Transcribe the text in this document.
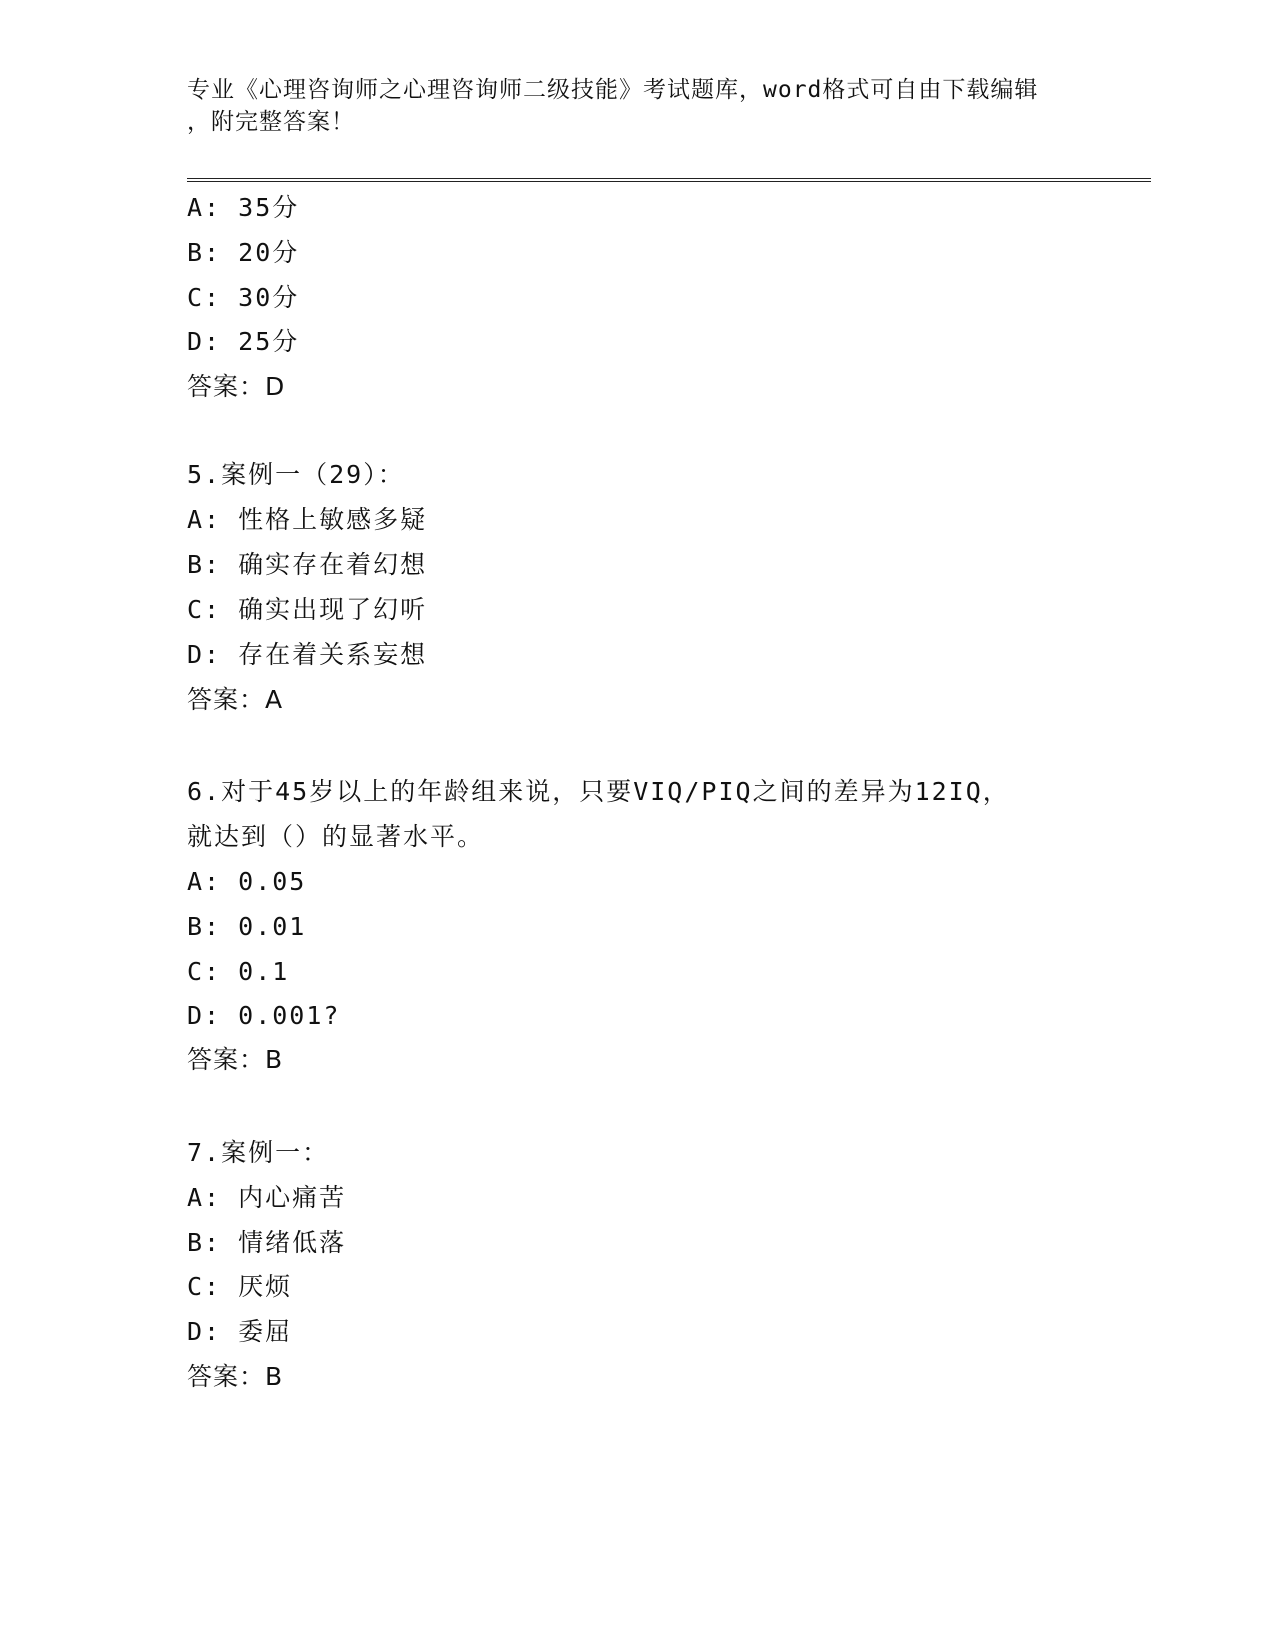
专业《心理咨询师之心理咨询师二级技能》考试题库，word格式可自由下载编辑
，附完整答案！
A: 35分
B: 20分
C: 30分
D: 25分
答案：D
5.案例一（29）：
A: 性格上敏感多疑
B: 确实存在着幻想
C: 确实出现了幻听
D: 存在着关系妄想
答案：A
6.对于45岁以上的年龄组来说，只要VIQ/PIQ之间的差异为12IQ，
就达到（）的显著水平。
A: 0.05
B: 0.01
C: 0.1
D: 0.001?
答案：B
7.案例一：
A: 内心痛苦
B: 情绪低落
C: 厌烦
D: 委屈
答案：B
